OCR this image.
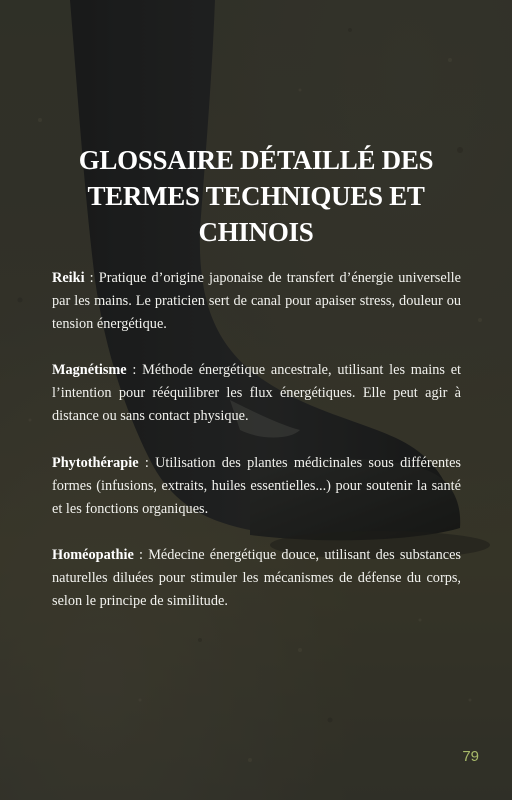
GLOSSAIRE DÉTAILLÉ DES TERMES TECHNIQUES ET CHINOIS

Reiki : Pratique d’origine japonaise de transfert d’énergie universelle par les mains. Le praticien sert de canal pour apaiser stress, douleur ou tension énergétique.

Magnétisme : Méthode énergétique ancestrale, utilisant les mains et l’intention pour rééquilibrer les flux énergétiques. Elle peut agir à distance ou sans contact physique.

Phytothérapie : Utilisation des plantes médicinales sous différentes formes (infusions, extraits, huiles essentielles...) pour soutenir la santé et les fonctions organiques.

Homéopathie : Médecine énergétique douce, utilisant des substances naturelles diluées pour stimuler les mécanismes de défense du corps, selon le principe de similitude.

79
